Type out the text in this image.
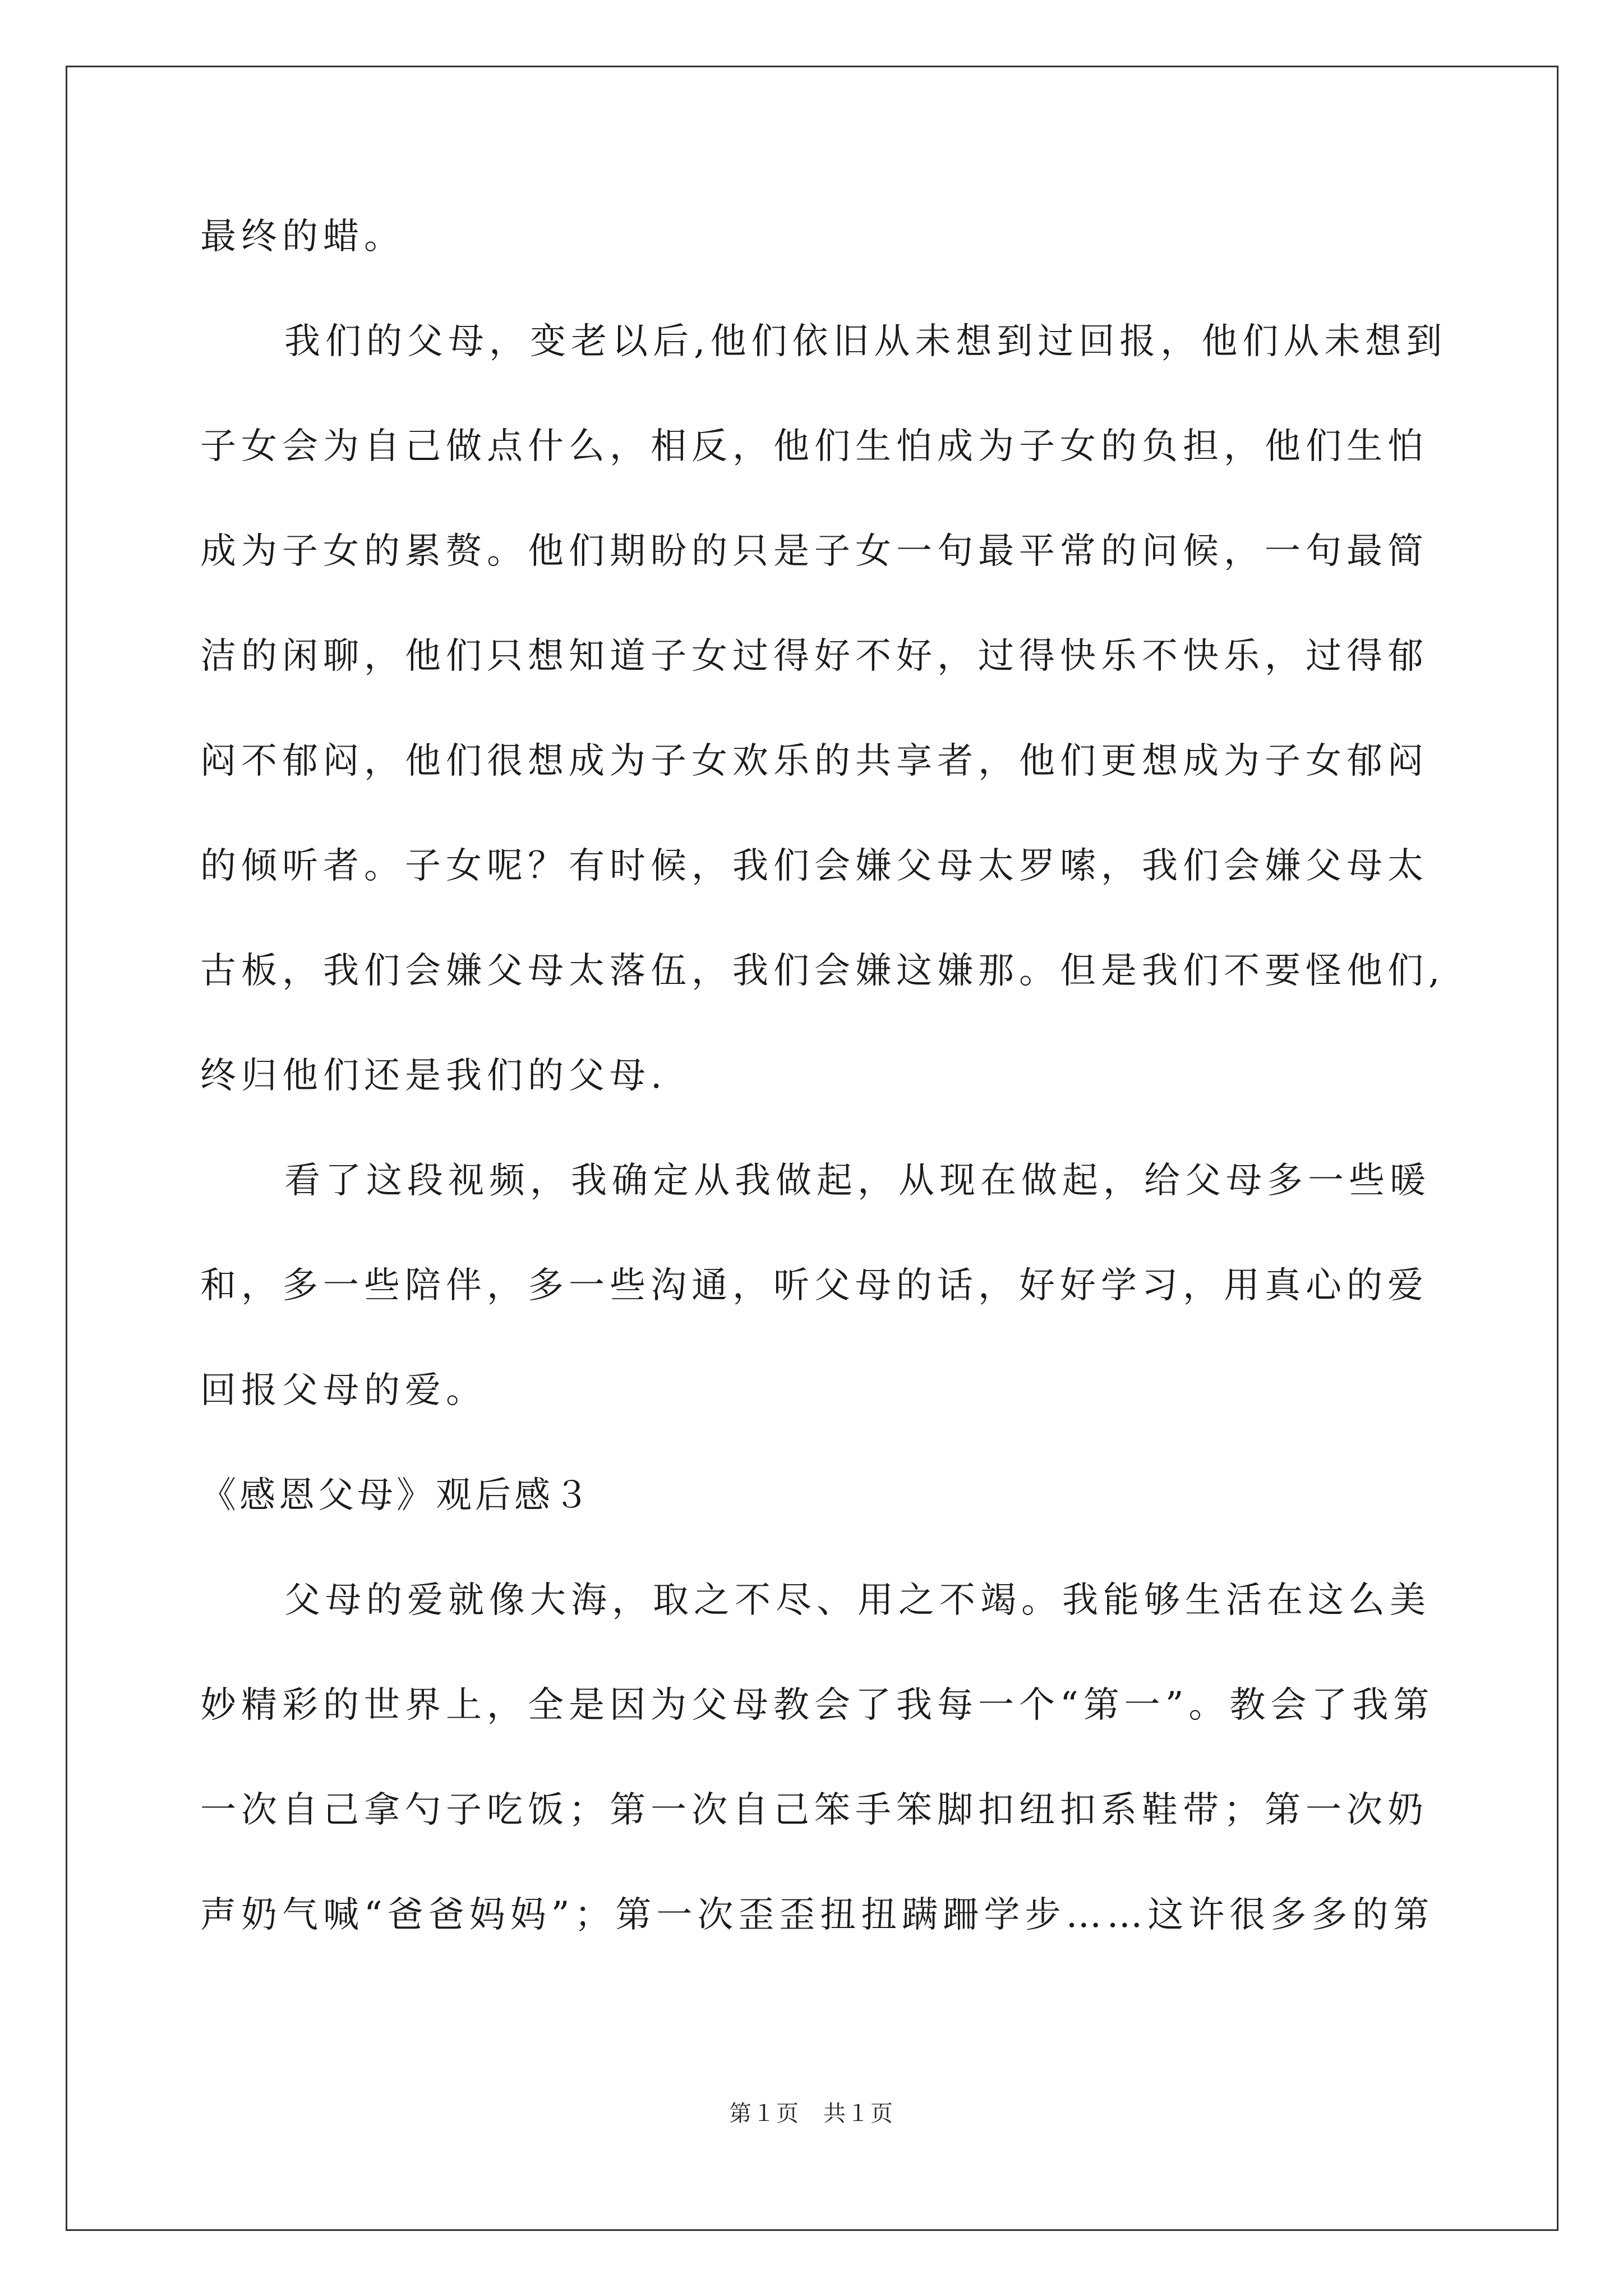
最终的蜡。
我们的父母，变老以后,他们依旧从未想到过回报，他们从未想到
子女会为自己做点什么，相反，他们生怕成为子女的负担，他们生怕
成为子女的累赘。他们期盼的只是子女一句最平常的问候，一句最简
洁的闲聊，他们只想知道子女过得好不好，过得快乐不快乐，过得郁
闷不郁闷，他们很想成为子女欢乐的共享者，他们更想成为子女郁闷
的倾听者。子女呢？有时候，我们会嫌父母太罗嗦，我们会嫌父母太
古板，我们会嫌父母太落伍，我们会嫌这嫌那。但是我们不要怪他们,
终归他们还是我们的父母.
看了这段视频，我确定从我做起，从现在做起，给父母多一些暖
和，多一些陪伴，多一些沟通，听父母的话，好好学习，用真心的爱
回报父母的爱。
《感恩父母》观后感３
父母的爱就像大海，取之不尽、用之不竭。我能够生活在这么美
妙精彩的世界上，全是因为父母教会了我每一个“第一”。教会了我第
一次自己拿勺子吃饭；第一次自己笨手笨脚扣纽扣系鞋带；第一次奶
声奶气喊“爸爸妈妈”；第一次歪歪扭扭蹒跚学步……这许很多多的第
第１页　共１页
